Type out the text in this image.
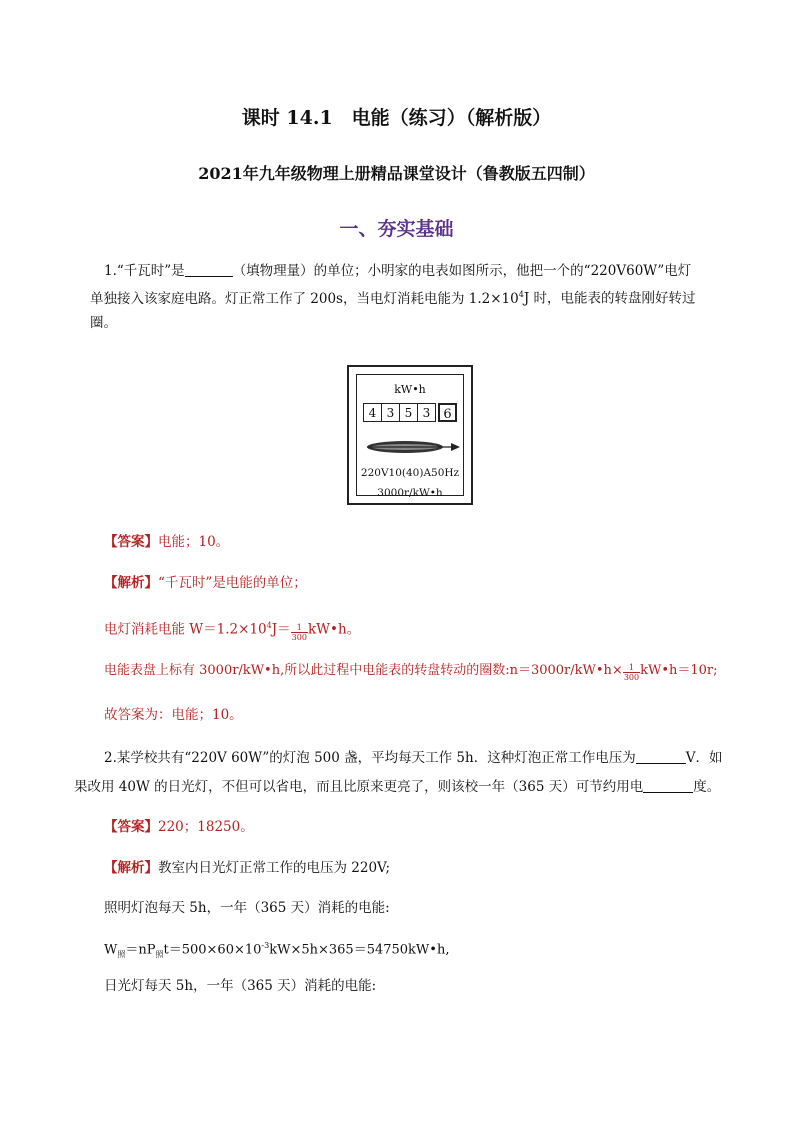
课时 14.1　电能（练习）（解析版）
2021年九年级物理上册精品课堂设计（鲁教版五四制）
一、夯实基础
1.“千瓦时”是	（填物理量）的单位；小明家的电表如图所示，他把一个的“220V60W”电灯
单独接入该家庭电路。灯正常工作了 200s，当电灯消耗电能为 $1.2\times 10^4J$ 时，电能表的转盘刚好转过
圈。
kW•h
4 3 5 3	6
220V10(40)A50Hz
3000r/kW•h
【答案】电能；10。
【解析】“千瓦时”是电能的单位；
电灯消耗电能 $W=1.2\times 10^4J= \frac{1}{300}$ kW•h。
电能表盘上标有 3000r/kW•h,所以此过程中电能表的转盘转动的圈数:n＝3000r/kW•h× $\frac{1}{300}$ kW•h＝10r;
故答案为：电能；10。
2.某学校共有“220V 60W”的灯泡 500 盏，平均每天工作 5h．这种灯泡正常工作电压为	V．如
果改用 40W 的日光灯，不但可以省电，而且比原来更亮了，则该校一年（365 天）可节约用电	度。
【答案】220；18250。
【解析】教室内日光灯正常工作的电压为 220V;
照明灯泡每天 5h，一年（365 天）消耗的电能:
$W_照=nP_照t=500\times 60\times 10^{-3}kW\times 5h\times 365=54750kW•h$,
日光灯每天 5h，一年（365 天）消耗的电能:
